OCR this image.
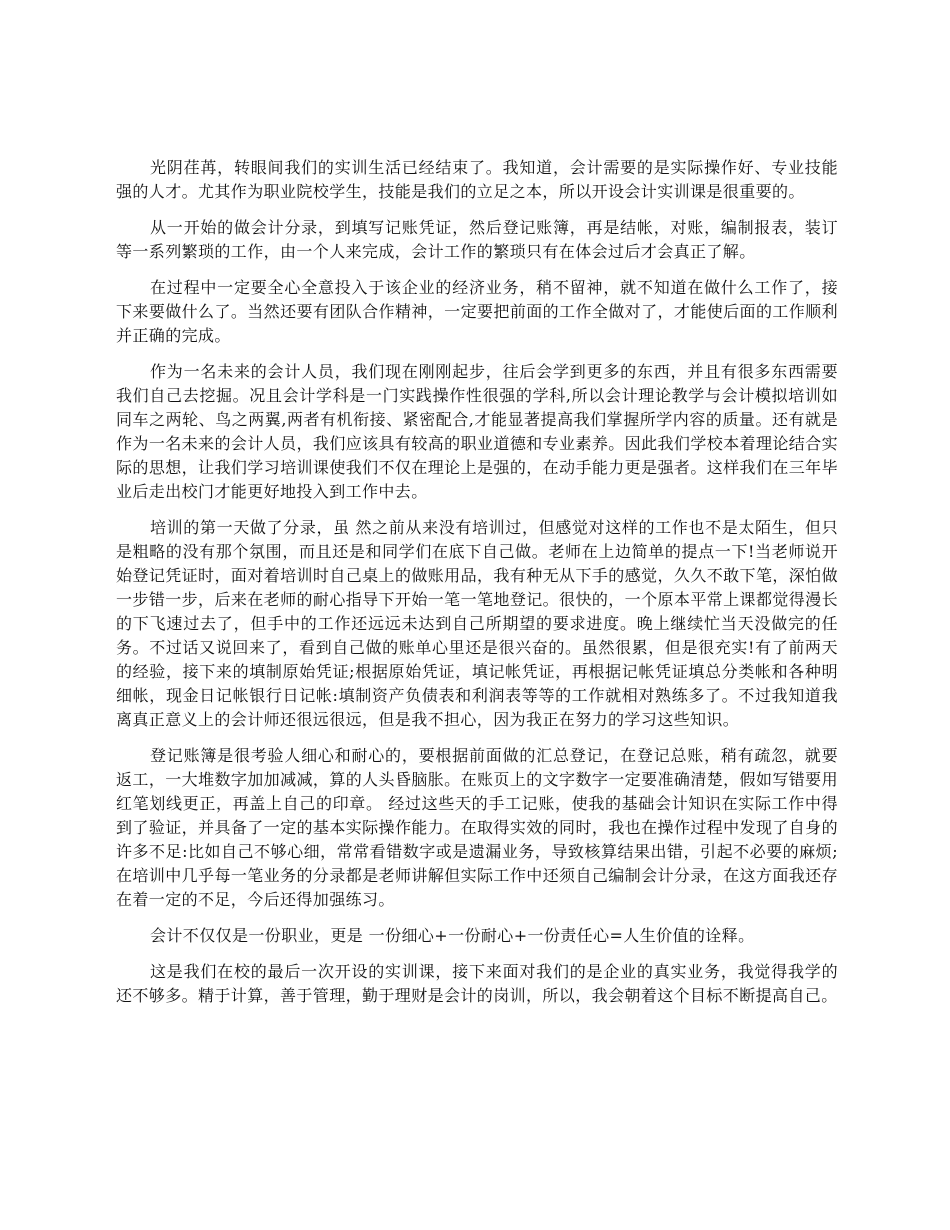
光阴荏苒，转眼间我们的实训生活已经结束了。我知道，会计需要的是实际操作好、专业技能强的人才。尤其作为职业院校学生，技能是我们的立足之本，所以开设会计实训课是很重要的。

从一开始的做会计分录，到填写记账凭证，然后登记账簿，再是结帐，对账，编制报表，装订等一系列繁琐的工作，由一个人来完成，会计工作的繁琐只有在体会过后才会真正了解。

在过程中一定要全心全意投入于该企业的经济业务，稍不留神，就不知道在做什么工作了，接下来要做什么了。当然还要有团队合作精神，一定要把前面的工作全做对了，才能使后面的工作顺利并正确的完成。

作为一名未来的会计人员，我们现在刚刚起步，往后会学到更多的东西，并且有很多东西需要我们自己去挖掘。况且会计学科是一门实践操作性很强的学科,所以会计理论教学与会计模拟培训如同车之两轮、鸟之两翼,两者有机衔接、紧密配合,才能显著提高我们掌握所学内容的质量。还有就是作为一名未来的会计人员，我们应该具有较高的职业道德和专业素养。因此我们学校本着理论结合实际的思想，让我们学习培训课使我们不仅在理论上是强的，在动手能力更是强者。这样我们在三年毕业后走出校门才能更好地投入到工作中去。

培训的第一天做了分录，虽 然之前从来没有培训过，但感觉对这样的工作也不是太陌生，但只是粗略的没有那个氛围，而且还是和同学们在底下自己做。老师在上边简单的提点一下!当老师说开始登记凭证时，面对着培训时自己桌上的做账用品，我有种无从下手的感觉，久久不敢下笔，深怕做一步错一步，后来在老师的耐心指导下开始一笔一笔地登记。很快的，一个原本平常上课都觉得漫长的下飞速过去了，但手中的工作还远远未达到自己所期望的要求进度。晚上继续忙当天没做完的任务。不过话又说回来了，看到自己做的账单心里还是很兴奋的。虽然很累，但是很充实!有了前两天的经验，接下来的填制原始凭证;根据原始凭证，填记帐凭证，再根据记帐凭证填总分类帐和各种明细帐，现金日记帐银行日记帐:填制资产负债表和利润表等等的工作就相对熟练多了。不过我知道我离真正意义上的会计师还很远很远，但是我不担心，因为我正在努力的学习这些知识。

登记账簿是很考验人细心和耐心的，要根据前面做的汇总登记，在登记总账，稍有疏忽，就要返工，一大堆数字加加减减，算的人头昏脑胀。在账页上的文字数字一定要准确清楚，假如写错要用红笔划线更正，再盖上自己的印章。 经过这些天的手工记账，使我的基础会计知识在实际工作中得到了验证，并具备了一定的基本实际操作能力。在取得实效的同时，我也在操作过程中发现了自身的许多不足:比如自己不够心细，常常看错数字或是遗漏业务，导致核算结果出错，引起不必要的麻烦;在培训中几乎每一笔业务的分录都是老师讲解但实际工作中还须自己编制会计分录，在这方面我还存在着一定的不足，今后还得加强练习。

会计不仅仅是一份职业，更是 一份细心+一份耐心+一份责任心=人生价值的诠释。

这是我们在校的最后一次开设的实训课，接下来面对我们的是企业的真实业务，我觉得我学的还不够多。精于计算，善于管理，勤于理财是会计的岗训，所以，我会朝着这个目标不断提高自己。
